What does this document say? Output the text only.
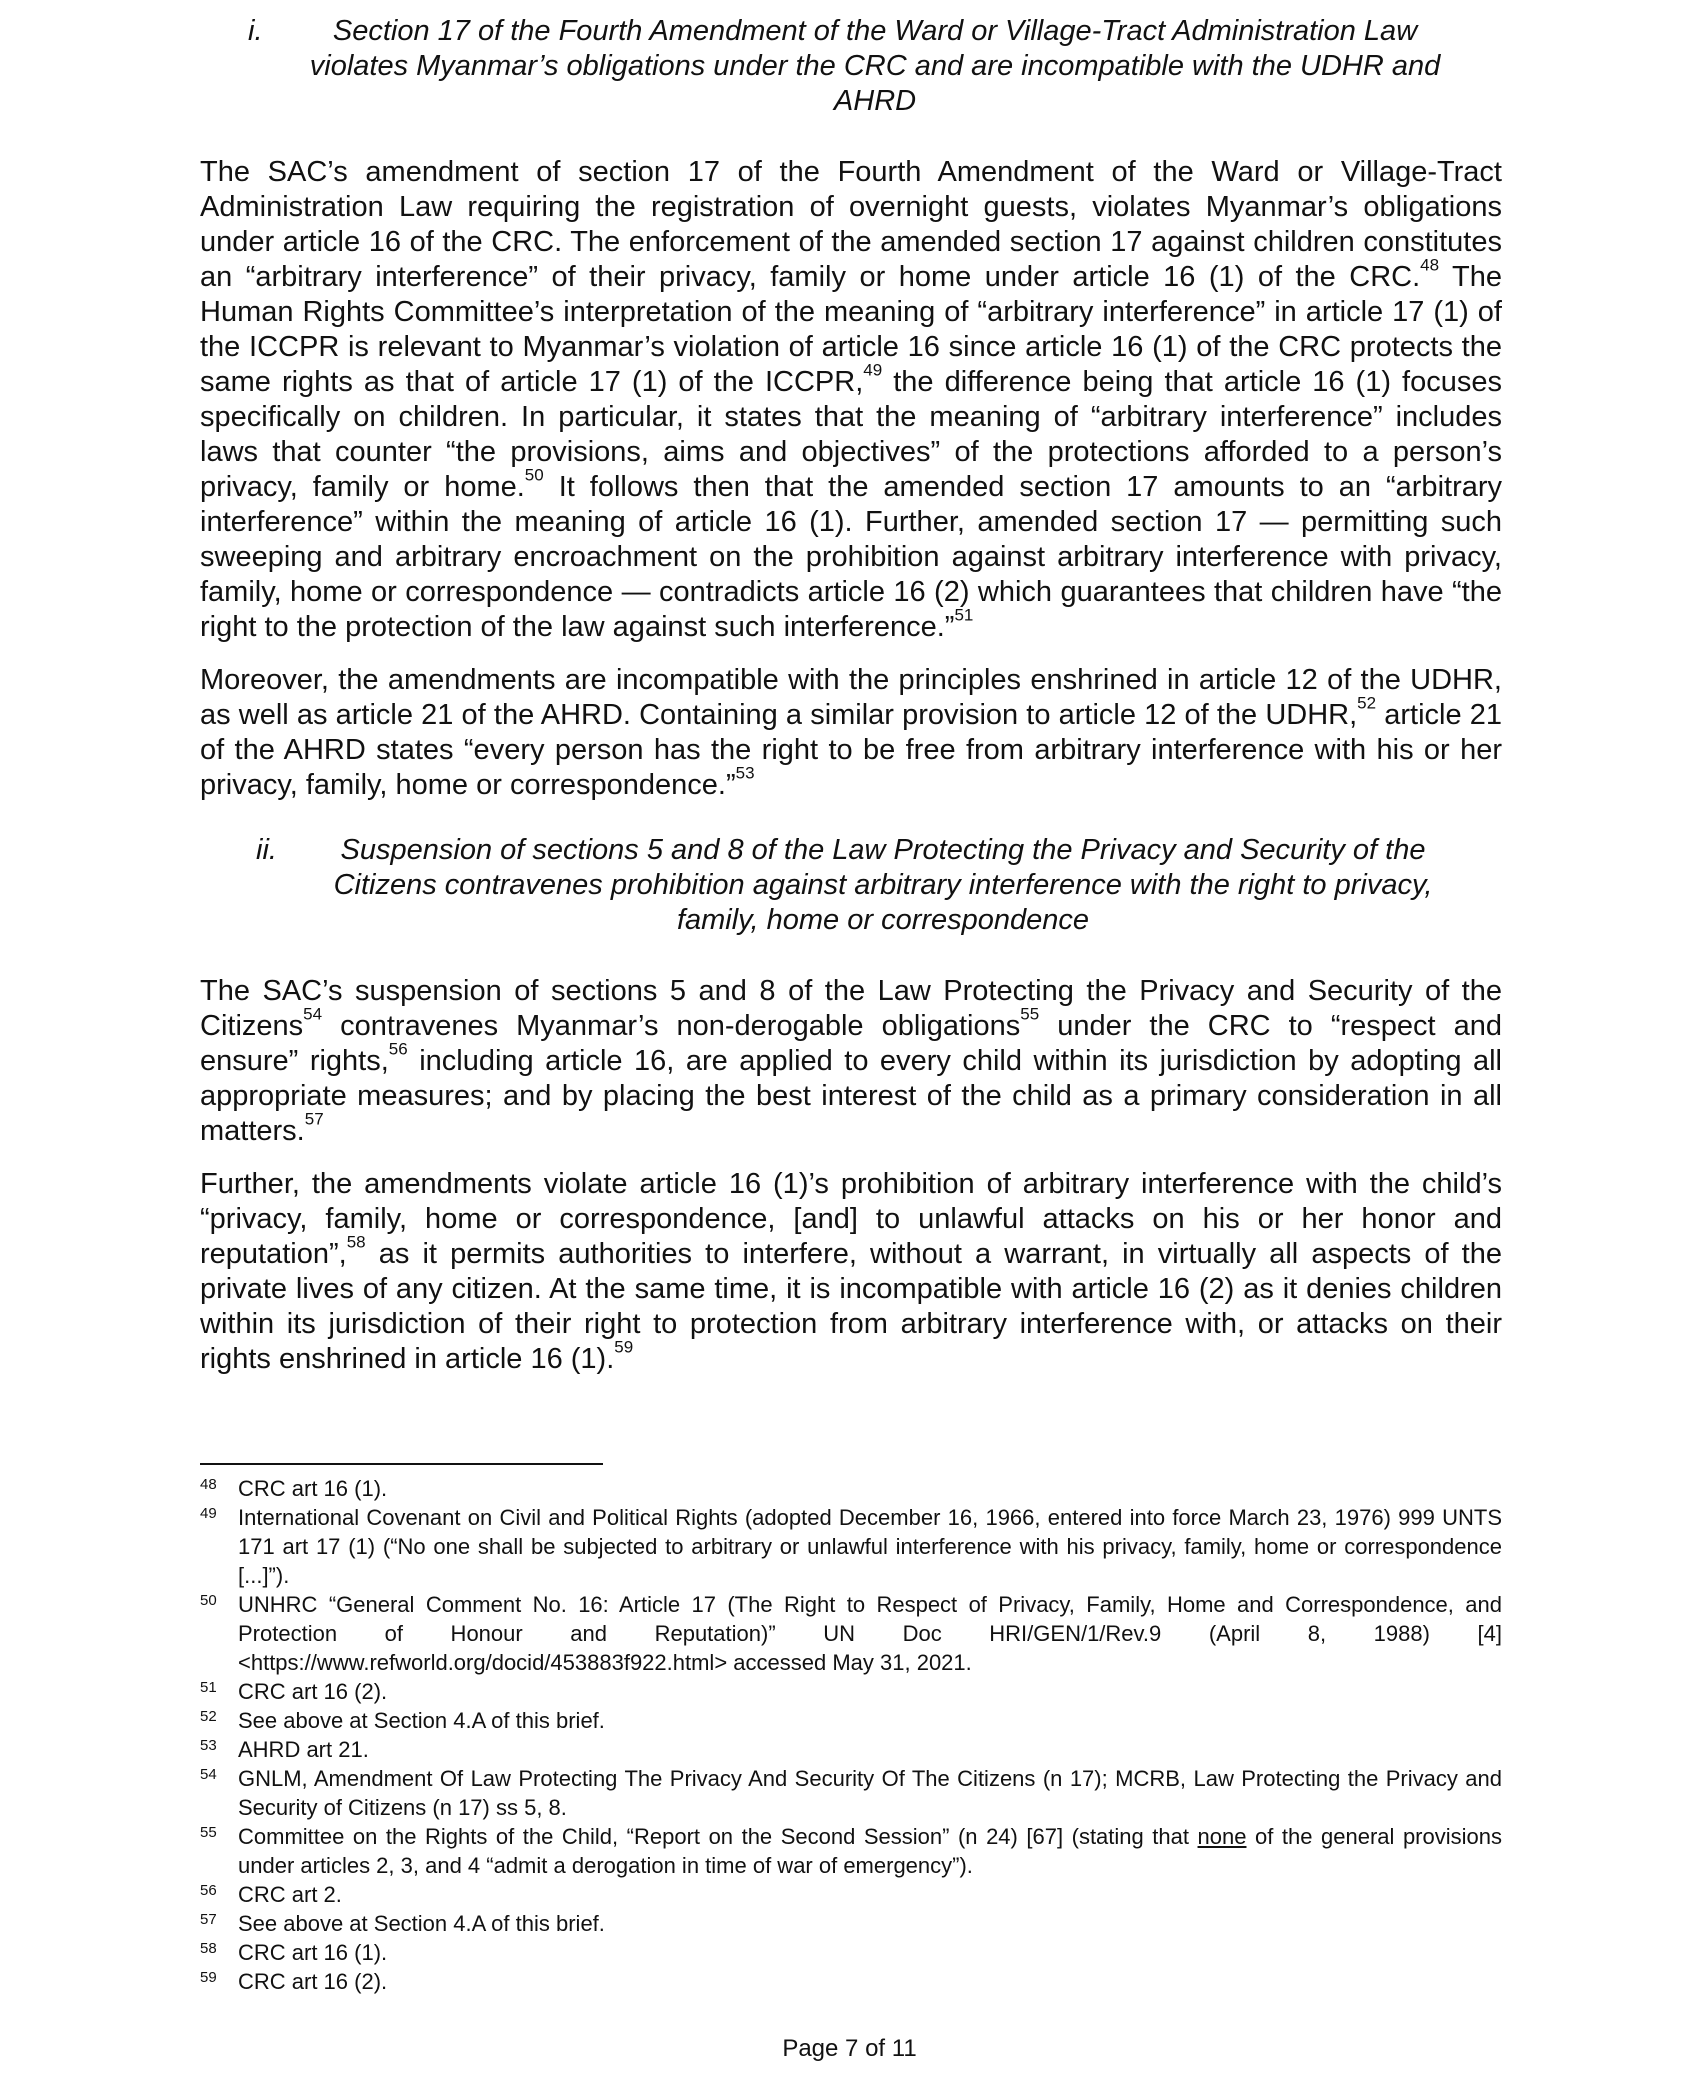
i.	Section 17 of the Fourth Amendment of the Ward or Village-Tract Administration Law violates Myanmar’s obligations under the CRC and are incompatible with the UDHR and AHRD

The SAC’s amendment of section 17 of the Fourth Amendment of the Ward or Village-Tract Administration Law requiring the registration of overnight guests, violates Myanmar’s obligations under article 16 of the CRC. The enforcement of the amended section 17 against children constitutes an “arbitrary interference” of their privacy, family or home under article 16 (1) of the CRC.$^{48}$ The Human Rights Committee’s interpretation of the meaning of “arbitrary interference” in article 17 (1) of the ICCPR is relevant to Myanmar’s violation of article 16 since article 16 (1) of the CRC protects the same rights as that of article 17 (1) of the ICCPR,$^{49}$ the difference being that article 16 (1) focuses specifically on children. In particular, it states that the meaning of “arbitrary interference” includes laws that counter “the provisions, aims and objectives” of the protections afforded to a person’s privacy, family or home.$^{50}$ It follows then that the amended section 17 amounts to an “arbitrary interference” within the meaning of article 16 (1). Further, amended section 17 — permitting such sweeping and arbitrary encroachment on the prohibition against arbitrary interference with privacy, family, home or correspondence — contradicts article 16 (2) which guarantees that children have “the right to the protection of the law against such interference.”$^{51}$

Moreover, the amendments are incompatible with the principles enshrined in article 12 of the UDHR, as well as article 21 of the AHRD. Containing a similar provision to article 12 of the UDHR,$^{52}$ article 21 of the AHRD states “every person has the right to be free from arbitrary interference with his or her privacy, family, home or correspondence.”$^{53}$

ii.	Suspension of sections 5 and 8 of the Law Protecting the Privacy and Security of the Citizens contravenes prohibition against arbitrary interference with the right to privacy, family, home or correspondence

The SAC’s suspension of sections 5 and 8 of the Law Protecting the Privacy and Security of the Citizens$^{54}$ contravenes Myanmar’s non-derogable obligations$^{55}$ under the CRC to “respect and ensure” rights,$^{56}$ including article 16, are applied to every child within its jurisdiction by adopting all appropriate measures; and by placing the best interest of the child as a primary consideration in all matters.$^{57}$

Further, the amendments violate article 16 (1)’s prohibition of arbitrary interference with the child’s “privacy, family, home or correspondence, [and] to unlawful attacks on his or her honor and reputation”,$^{58}$ as it permits authorities to interfere, without a warrant, in virtually all aspects of the private lives of any citizen. At the same time, it is incompatible with article 16 (2) as it denies children within its jurisdiction of their right to protection from arbitrary interference with, or attacks on their rights enshrined in article 16 (1).$^{59}$

48 CRC art 16 (1).
49 International Covenant on Civil and Political Rights (adopted December 16, 1966, entered into force March 23, 1976) 999 UNTS 171 art 17 (1) (“No one shall be subjected to arbitrary or unlawful interference with his privacy, family, home or correspondence [...]”).
50 UNHRC “General Comment No. 16: Article 17 (The Right to Respect of Privacy, Family, Home and Correspondence, and Protection of Honour and Reputation)” UN Doc HRI/GEN/1/Rev.9 (April 8, 1988) [4] <https://www.refworld.org/docid/453883f922.html> accessed May 31, 2021.
51 CRC art 16 (2).
52 See above at Section 4.A of this brief.
53 AHRD art 21.
54 GNLM, Amendment Of Law Protecting The Privacy And Security Of The Citizens (n 17); MCRB, Law Protecting the Privacy and Security of Citizens (n 17) ss 5, 8.
55 Committee on the Rights of the Child, “Report on the Second Session” (n 24) [67] (stating that none of the general provisions under articles 2, 3, and 4 “admit a derogation in time of war of emergency”).
56 CRC art 2.
57 See above at Section 4.A of this brief.
58 CRC art 16 (1).
59 CRC art 16 (2).
Page 7 of 11
